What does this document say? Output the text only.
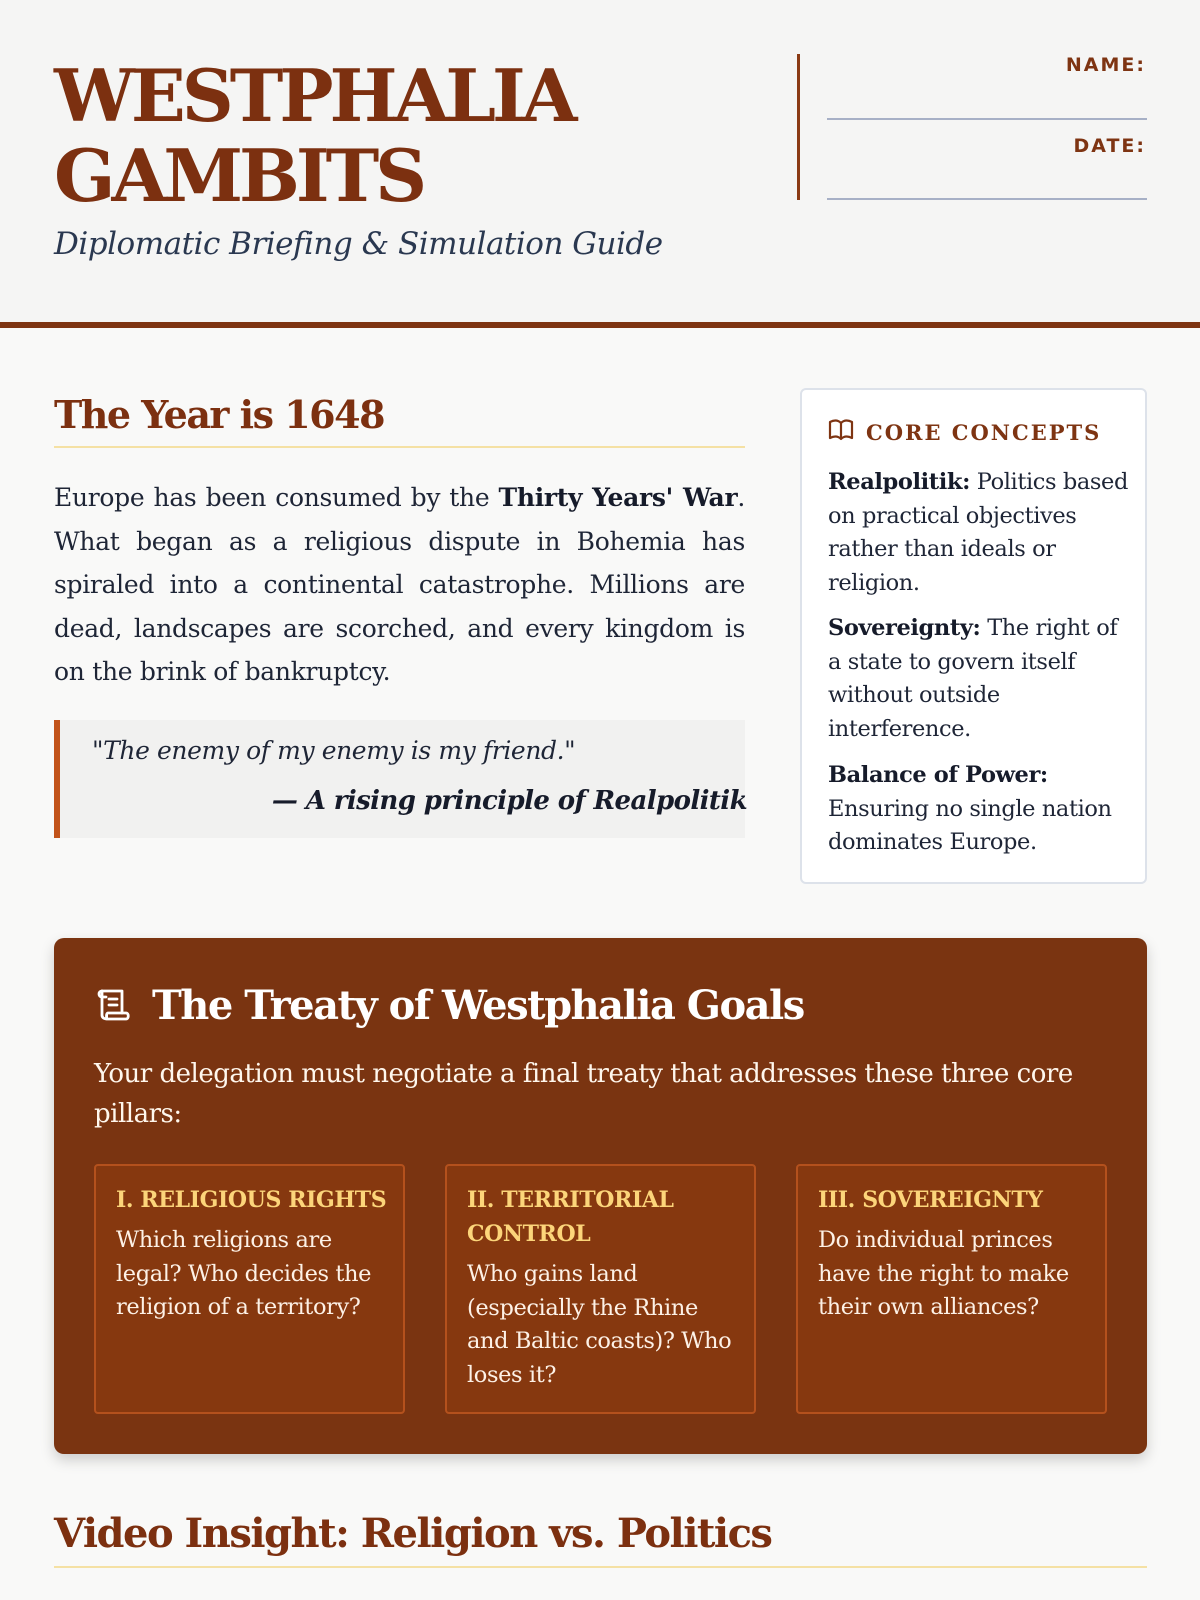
WESTPHALIA
GAMBITS

Diplomatic Briefing & Simulation Guide

NAME:
DATE:
The Year is 1648

Europe has been consumed by the Thirty Years' War. What began as a religious dispute in Bohemia has spiraled into a continental catastrophe. Millions are dead, landscapes are scorched, and every kingdom is on the brink of bankruptcy.

"The enemy of my enemy is my friend."
— A rising principle of Realpolitik
CORE CONCEPTS

Realpolitik: Politics based on practical objectives rather than ideals or religion.

Sovereignty: The right of a state to govern itself without outside interference.

Balance of Power: Ensuring no single nation dominates Europe.

The Treaty of Westphalia Goals

Your delegation must negotiate a final treaty that addresses these three core pillars:

I. RELIGIOUS RIGHTS

Which religions are legal? Who decides the religion of a territory?

II. TERRITORIAL CONTROL

Who gains land (especially the Rhine and Baltic coasts)? Who loses it?

III. SOVEREIGNTY

Do individual princes have the right to make their own alliances?

Video Insight: Religion vs. Politics
